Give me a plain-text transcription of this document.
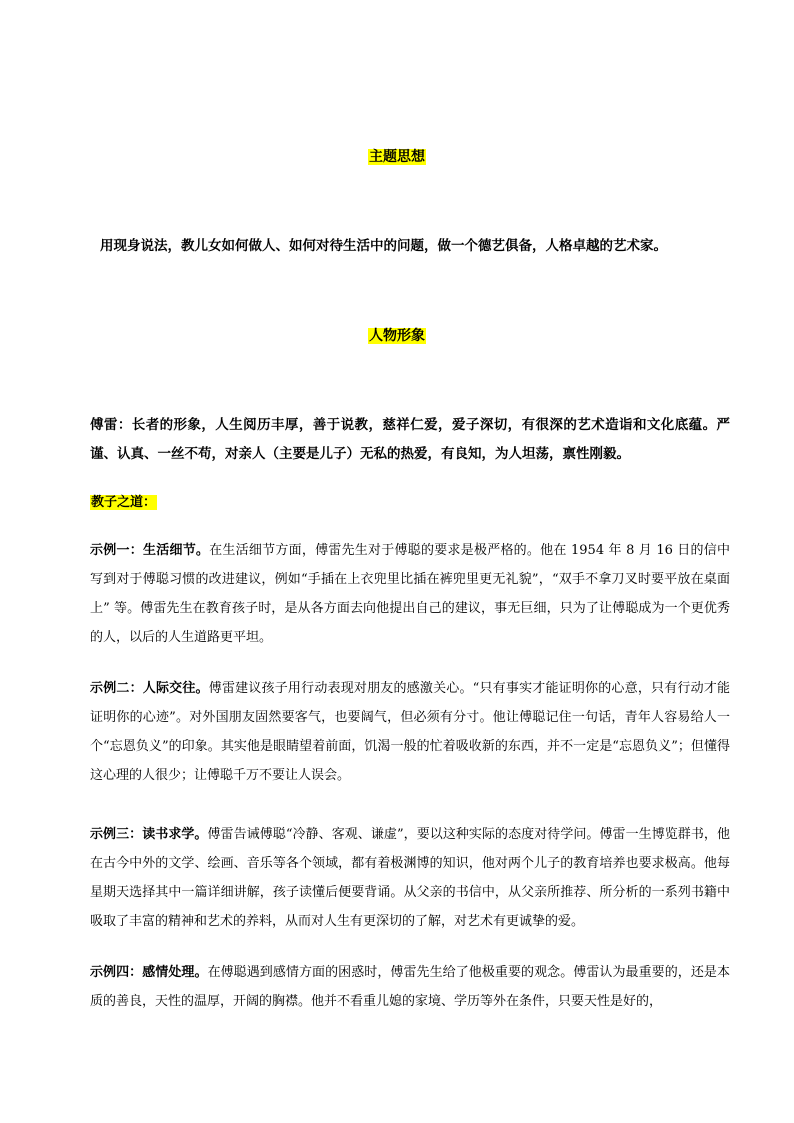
主题思想
用现身说法，教儿女如何做人、如何对待生活中的问题，做一个德艺俱备，人格卓越的艺术家。
人物形象
傅雷：长者的形象，人生阅历丰厚，善于说教，慈祥仁爱，爱子深切，有很深的艺术造诣和文化底蕴。严谨、认真、一丝不苟，对亲人（主要是儿子）无私的热爱，有良知，为人坦荡，禀性刚毅。
教子之道：
示例一：生活细节。在生活细节方面，傅雷先生对于傅聪的要求是极严格的。他在 1954 年 8 月 16 日的信中写到对于傅聪习惯的改进建议，例如“手插在上衣兜里比插在裤兜里更无礼貌”，“双手不拿刀叉时要平放在桌面上” 等。傅雷先生在教育孩子时，是从各方面去向他提出自己的建议，事无巨细，只为了让傅聪成为一个更优秀的人，以后的人生道路更平坦。
示例二：人际交往。傅雷建议孩子用行动表现对朋友的感激关心。“只有事实才能证明你的心意，只有行动才能证明你的心迹”。对外国朋友固然要客气，也要阔气，但必须有分寸。他让傅聪记住一句话，青年人容易给人一个“忘恩负义”的印象。其实他是眼睛望着前面，饥渴一般的忙着吸收新的东西，并不一定是“忘恩负义”；但懂得这心理的人很少；让傅聪千万不要让人误会。
示例三：读书求学。傅雷告诫傅聪“冷静、客观、谦虚”，要以这种实际的态度对待学问。傅雷一生博览群书，他在古今中外的文学、绘画、音乐等各个领域，都有着极渊博的知识，他对两个儿子的教育培养也要求极高。他每星期天选择其中一篇详细讲解，孩子读懂后便要背诵。从父亲的书信中，从父亲所推荐、所分析的一系列书籍中吸取了丰富的精神和艺术的养料，从而对人生有更深切的了解，对艺术有更诚挚的爱。
示例四：感情处理。在傅聪遇到感情方面的困惑时，傅雷先生给了他极重要的观念。傅雷认为最重要的，还是本质的善良，天性的温厚，开阔的胸襟。他并不看重儿媳的家境、学历等外在条件，只要天性是好的，
